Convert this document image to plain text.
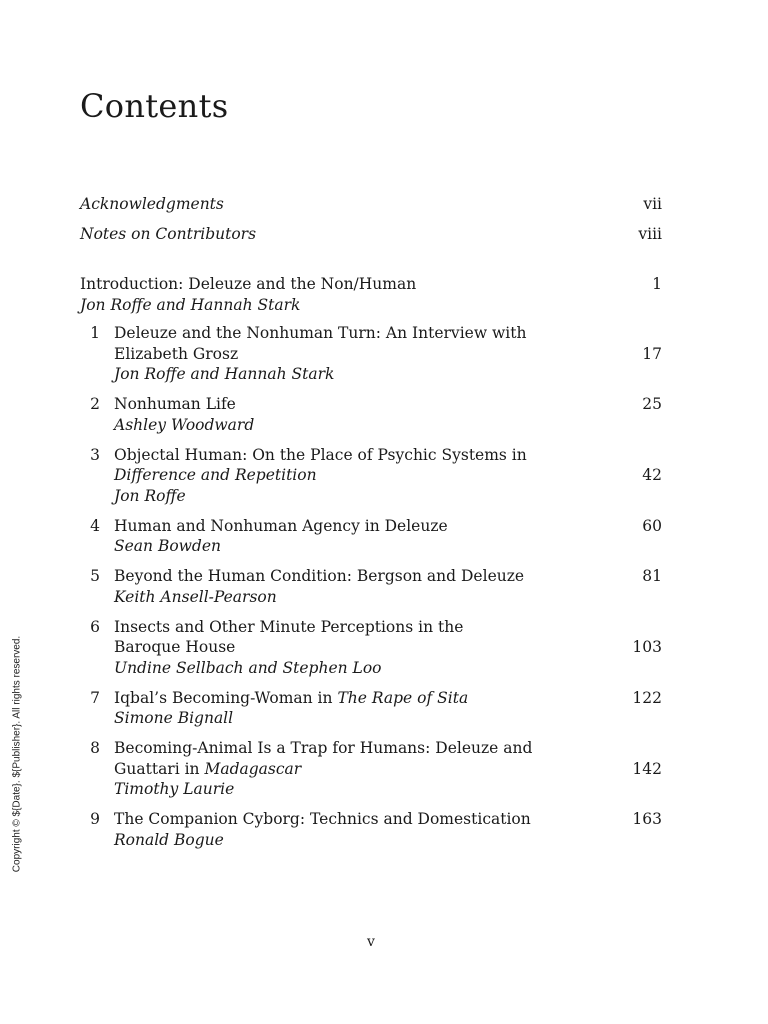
Contents
Acknowledgments	vii
Notes on Contributors	viii
Introduction: Deleuze and the Non/Human
Jon Roffe and Hannah Stark
1
1 Deleuze and the Nonhuman Turn: An Interview with
Elizabeth Grosz
Jon Roffe and Hannah Stark
17
2 Nonhuman Life
Ashley Woodward
25
3 Objectal Human: On the Place of Psychic Systems in
Difference and Repetition
Jon Roffe
42
4 Human and Nonhuman Agency in Deleuze
Sean Bowden
60
5 Beyond the Human Condition: Bergson and Deleuze
Keith Ansell-Pearson
81
6 Insects and Other Minute Perceptions in the
Baroque House
Undine Sellbach and Stephen Loo
103
7 Iqbal’s Becoming-Woman in The Rape of Sita
Simone Bignall
122
8 Becoming-Animal Is a Trap for Humans: Deleuze and
Guattari in Madagascar
Timothy Laurie
142
9 The Companion Cyborg: Technics and Domestication
Ronald Bogue
163
v
Copyright © ${Date}. ${Publisher}. All rights reserved.
